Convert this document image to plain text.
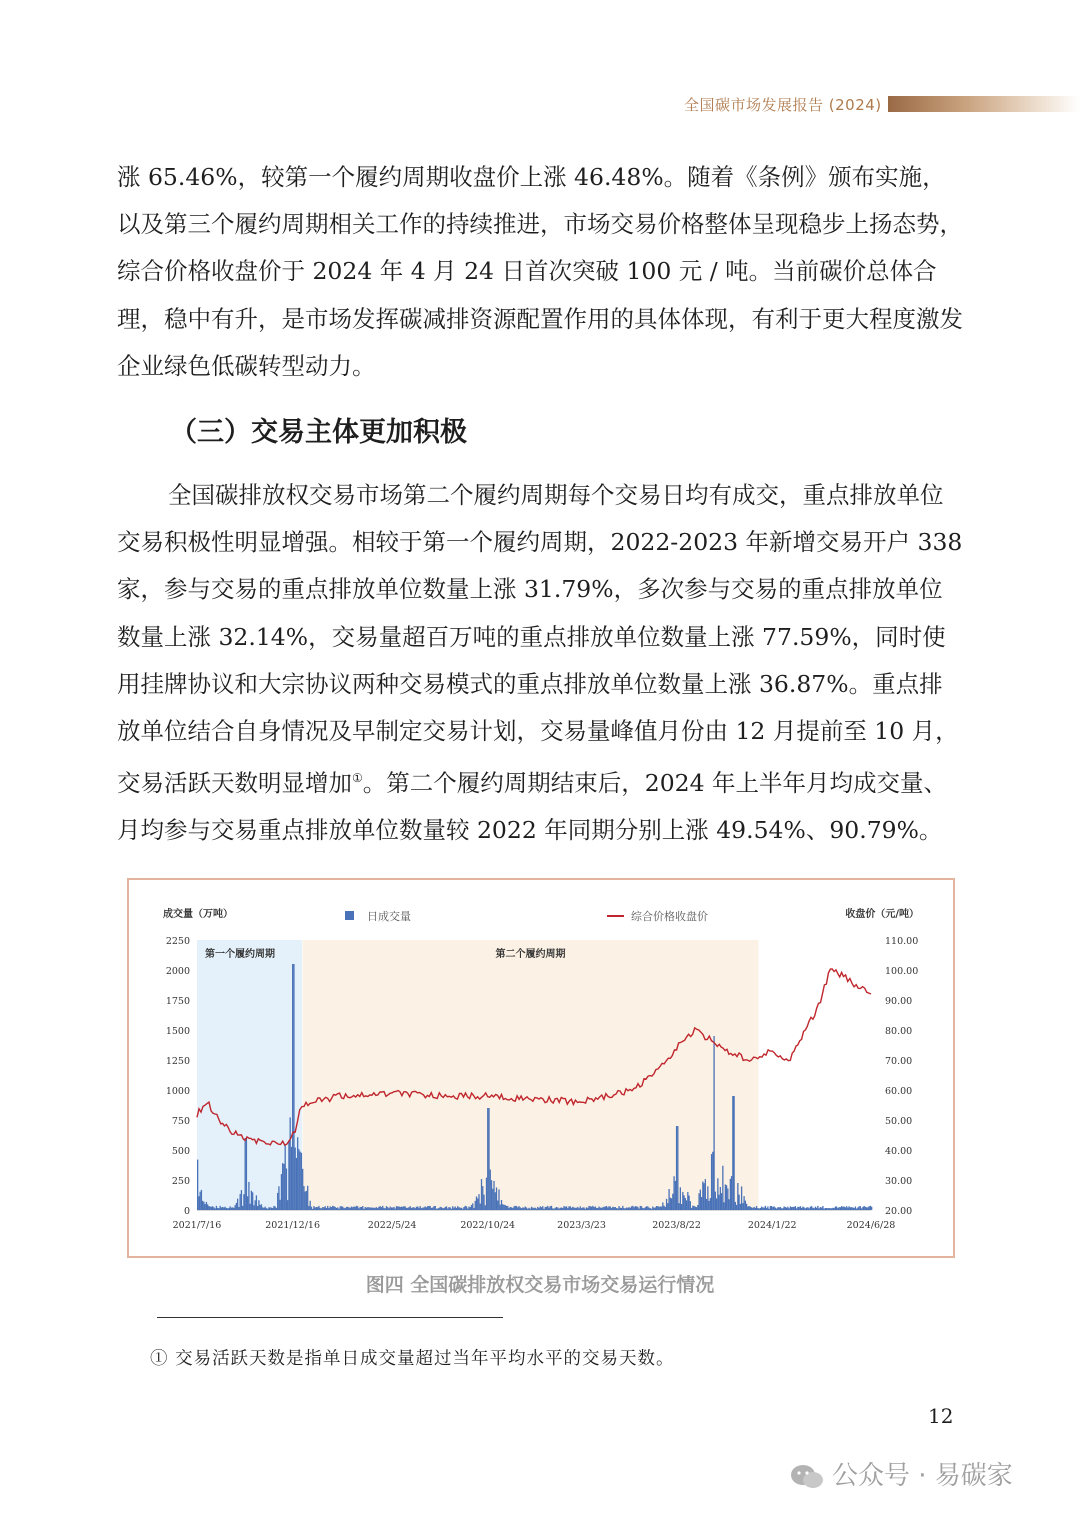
全国碳市场发展报告 (2024)

涨 65.46%，较第一个履约周期收盘价上涨 46.48%。随着《条例》颁布实施，以及第三个履约周期相关工作的持续推进，市场交易价格整体呈现稳步上扬态势，综合价格收盘价于 2024 年 4 月 24 日首次突破 100 元 / 吨。当前碳价总体合理，稳中有升，是市场发挥碳减排资源配置作用的具体体现，有利于更大程度激发企业绿色低碳转型动力。

（三）交易主体更加积极

全国碳排放权交易市场第二个履约周期每个交易日均有成交，重点排放单位交易积极性明显增强。相较于第一个履约周期，2022-2023 年新增交易开户 338 家，参与交易的重点排放单位数量上涨 31.79%，多次参与交易的重点排放单位数量上涨 32.14%，交易量超百万吨的重点排放单位数量上涨 77.59%，同时使用挂牌协议和大宗协议两种交易模式的重点排放单位数量上涨 36.87%。重点排放单位结合自身情况及早制定交易计划，交易量峰值月份由 12 月提前至 10 月，交易活跃天数明显增加①。第二个履约周期结束后，2024 年上半年月均成交量、月均参与交易重点排放单位数量较 2022 年同期分别上涨 49.54%、90.79%。

第一个履约周期	第二个履约周期
成交量（万吨）	收盘价（元/吨）
日成交量	综合价格收盘价
2250
2000
1750
1500
1250
1000
750
500
250
0
110.00
100.00
90.00
80.00
70.00
60.00
50.00
40.00
30.00
20.00
2021/7/16	2021/12/16	2022/5/24	2022/10/24	2023/3/23	2023/8/22	2024/1/22	2024/6/28
图四 全国碳排放权交易市场交易运行情况
① 交易活跃天数是指单日成交量超过当年平均水平的交易天数。
12
公众号 · 易碳家
